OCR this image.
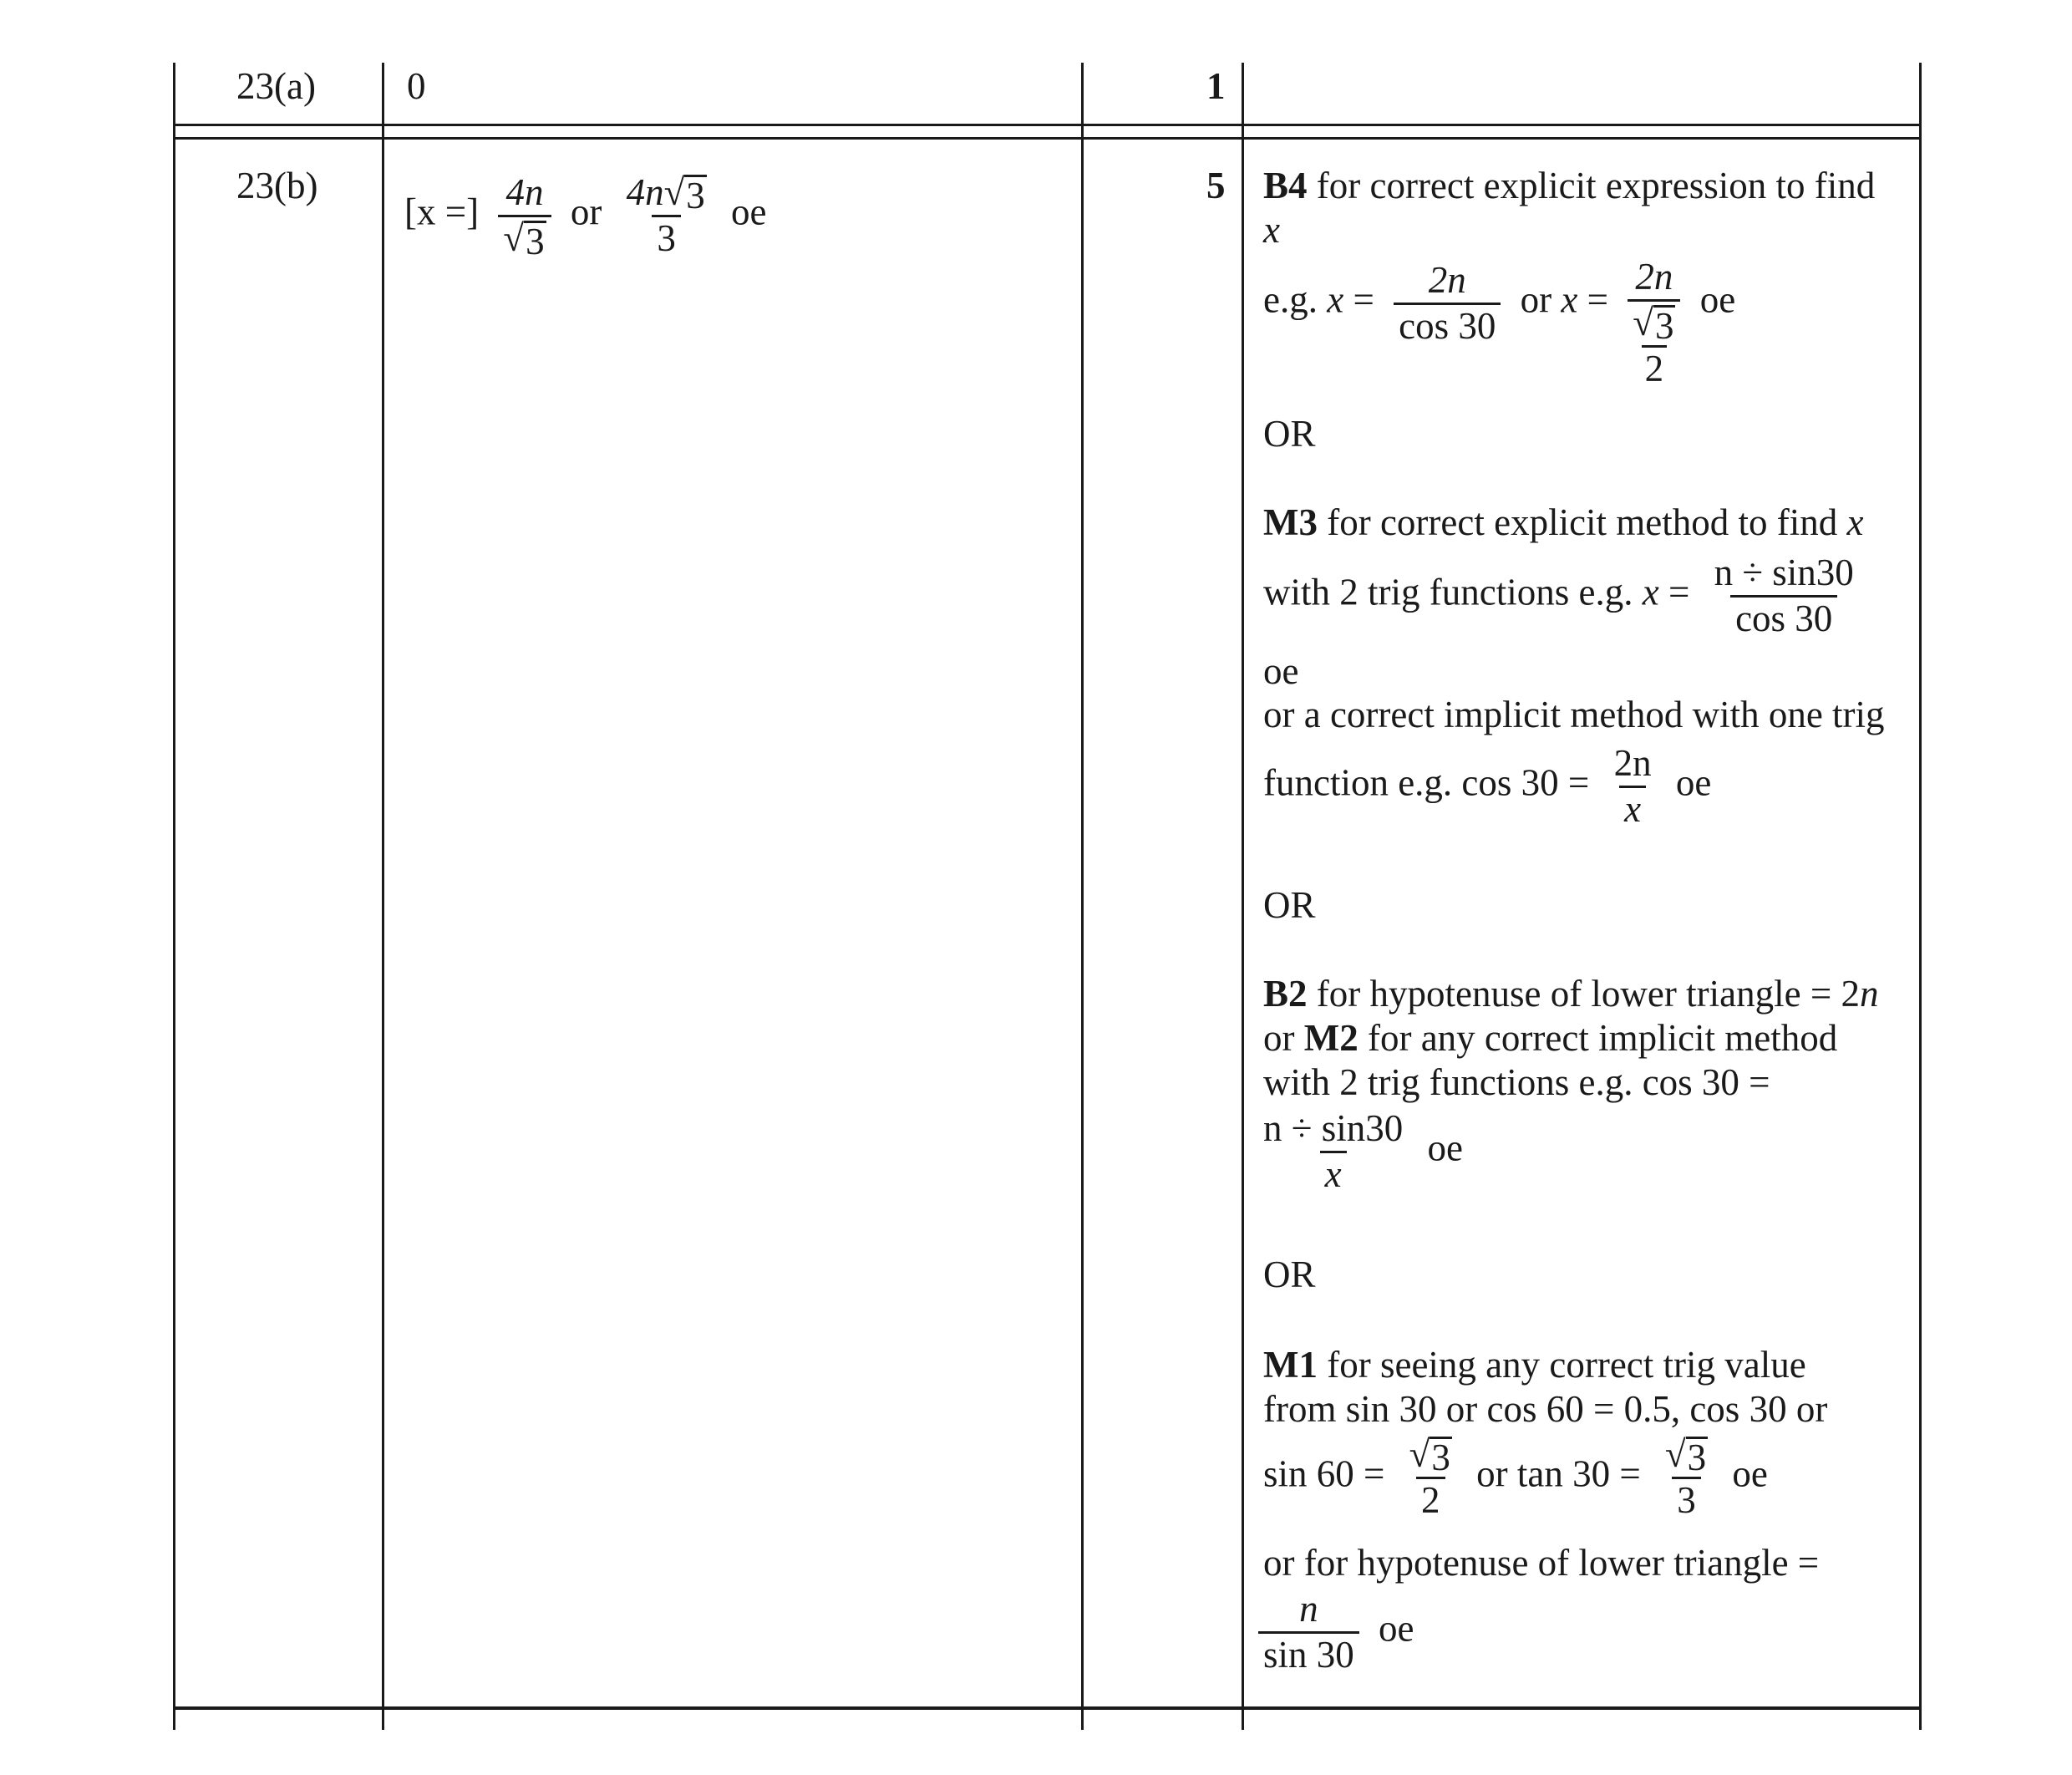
23(a) 0	1
23(b)	5
[x =] $\frac{4n}{√ 3}$ or $\frac{4n √ 3}{3}$ oe
B4 for correct explicit expression to find
x
e.g. $x = \frac{2n}{\cos 30}$ or x = 2n
√ 3
2 oe
OR
M3 for correct explicit method to find x
with 2 trig functions e.g. $x = \frac{n \div \sin 30}{\cos 30}$
oe
or a correct implicit method with one trig
function e.g. $\cos 30 = \frac{2n}{x}$ oe
OR
B2 for hypotenuse of lower triangle = 2n
or M2 for any correct implicit method
with 2 trig functions e.g. cos 30 =
$\frac{n \div \sin 30}{x}$ oe
OR
M1 for seeing any correct trig value
from sin 30 or cos 60 = 0.5, cos 30 or
$\sin 60 = \frac{√ 3}{2}$ or $\tan 30 = \frac{√ 3}{3}$ oe
or for hypotenuse of lower triangle =
$\frac{n}{\sin 30}$ oe
